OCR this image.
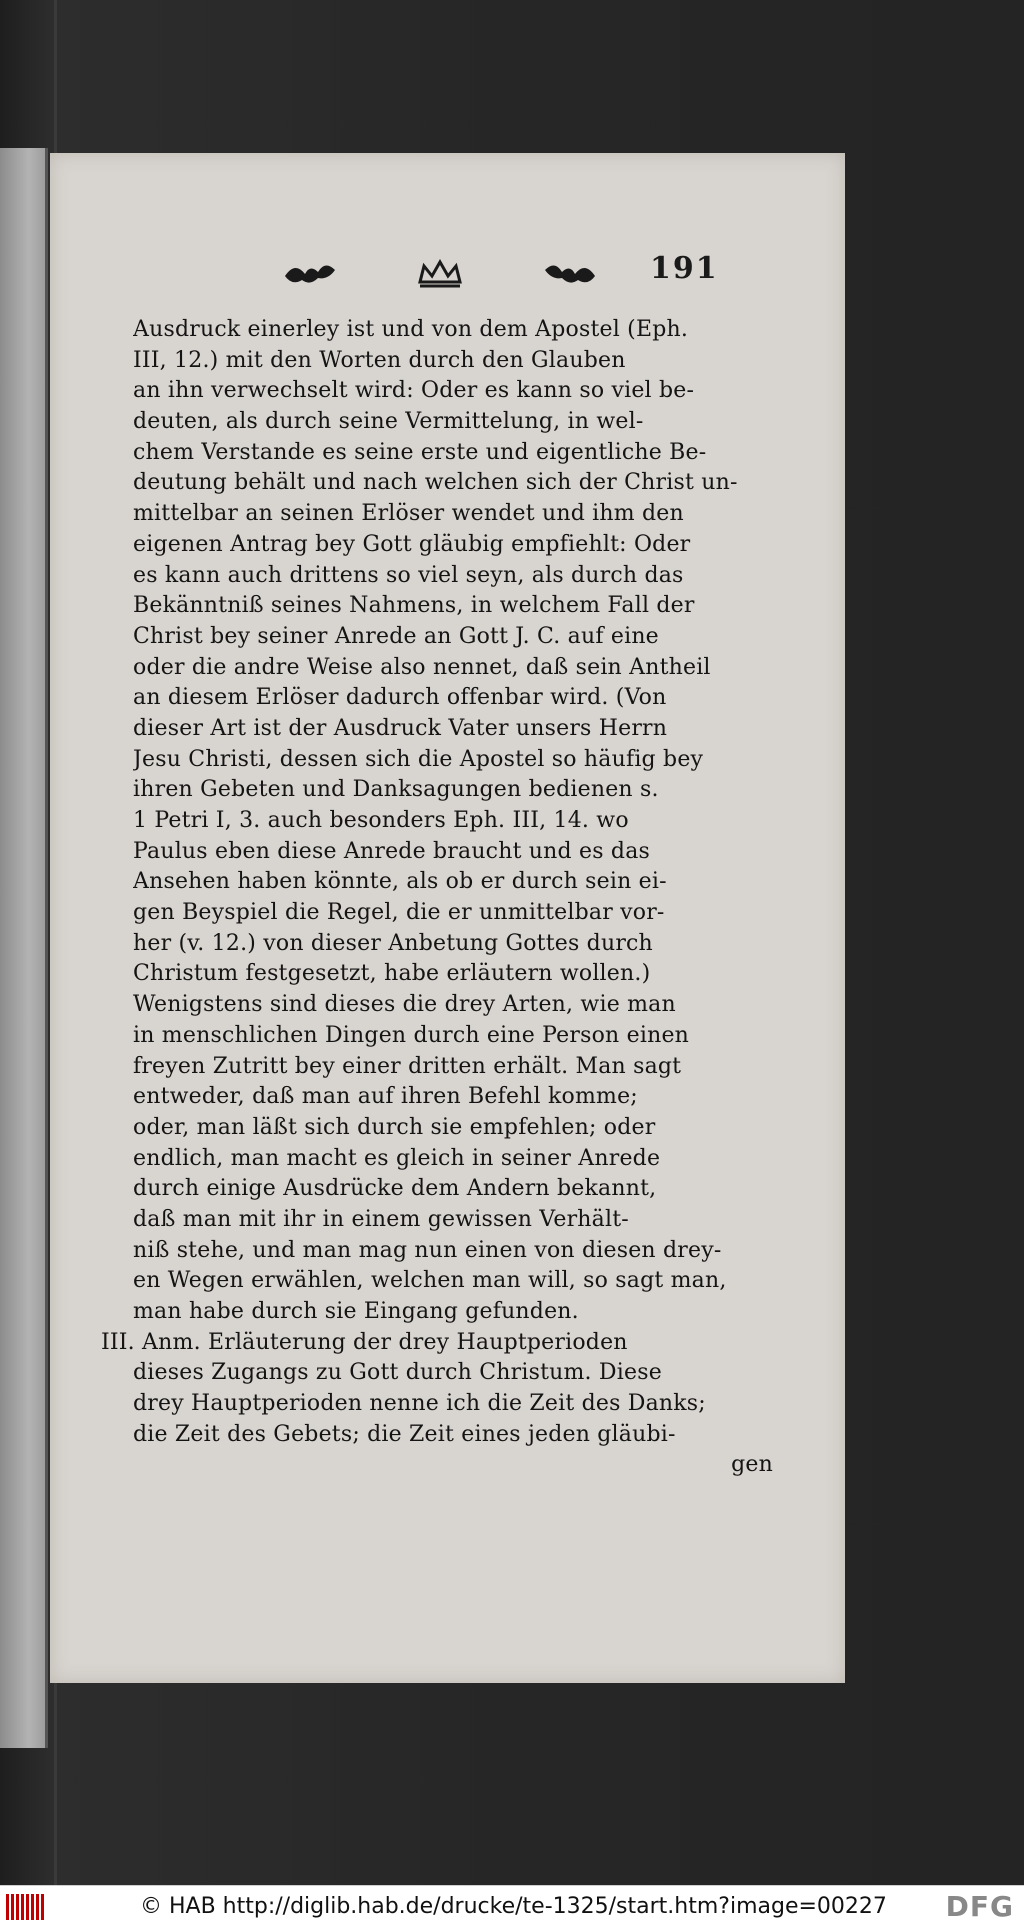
191
Ausdruck einerley ist und von dem Apostel (Eph.
III, 12.) mit den Worten durch den Glauben
an ihn verwechselt wird: Oder es kann so viel be-
deuten, als durch seine Vermittelung, in wel-
chem Verstande es seine erste und eigentliche Be-
deutung behält und nach welchen sich der Christ un-
mittelbar an seinen Erlöser wendet und ihm den
eigenen Antrag bey Gott gläubig empfiehlt: Oder
es kann auch drittens so viel seyn, als durch das
Bekänntniß seines Nahmens, in welchem Fall der
Christ bey seiner Anrede an Gott J. C. auf eine
oder die andre Weise also nennet, daß sein Antheil
an diesem Erlöser dadurch offenbar wird. (Von
dieser Art ist der Ausdruck Vater unsers Herrn
Jesu Christi, dessen sich die Apostel so häufig bey
ihren Gebeten und Danksagungen bedienen s.
1 Petri I, 3. auch besonders Eph. III, 14. wo
Paulus eben diese Anrede braucht und es das
Ansehen haben könnte, als ob er durch sein ei-
gen Beyspiel die Regel, die er unmittelbar vor-
her (v. 12.) von dieser Anbetung Gottes durch
Christum festgesetzt, habe erläutern wollen.)
Wenigstens sind dieses die drey Arten, wie man
in menschlichen Dingen durch eine Person einen
freyen Zutritt bey einer dritten erhält. Man sagt
entweder, daß man auf ihren Befehl komme;
oder, man läßt sich durch sie empfehlen; oder
endlich, man macht es gleich in seiner Anrede
durch einige Ausdrücke dem Andern bekannt,
daß man mit ihr in einem gewissen Verhält-
niß stehe, und man mag nun einen von diesen drey-
en Wegen erwählen, welchen man will, so sagt man,
man habe durch sie Eingang gefunden.
III. Anm. Erläuterung der drey Hauptperioden
dieses Zugangs zu Gott durch Christum. Diese
drey Hauptperioden nenne ich die Zeit des Danks;
die Zeit des Gebets; die Zeit eines jeden gläubi-
gen
© HAB http://diglib.hab.de/drucke/te-1325/start.htm?image=00227 DFG
